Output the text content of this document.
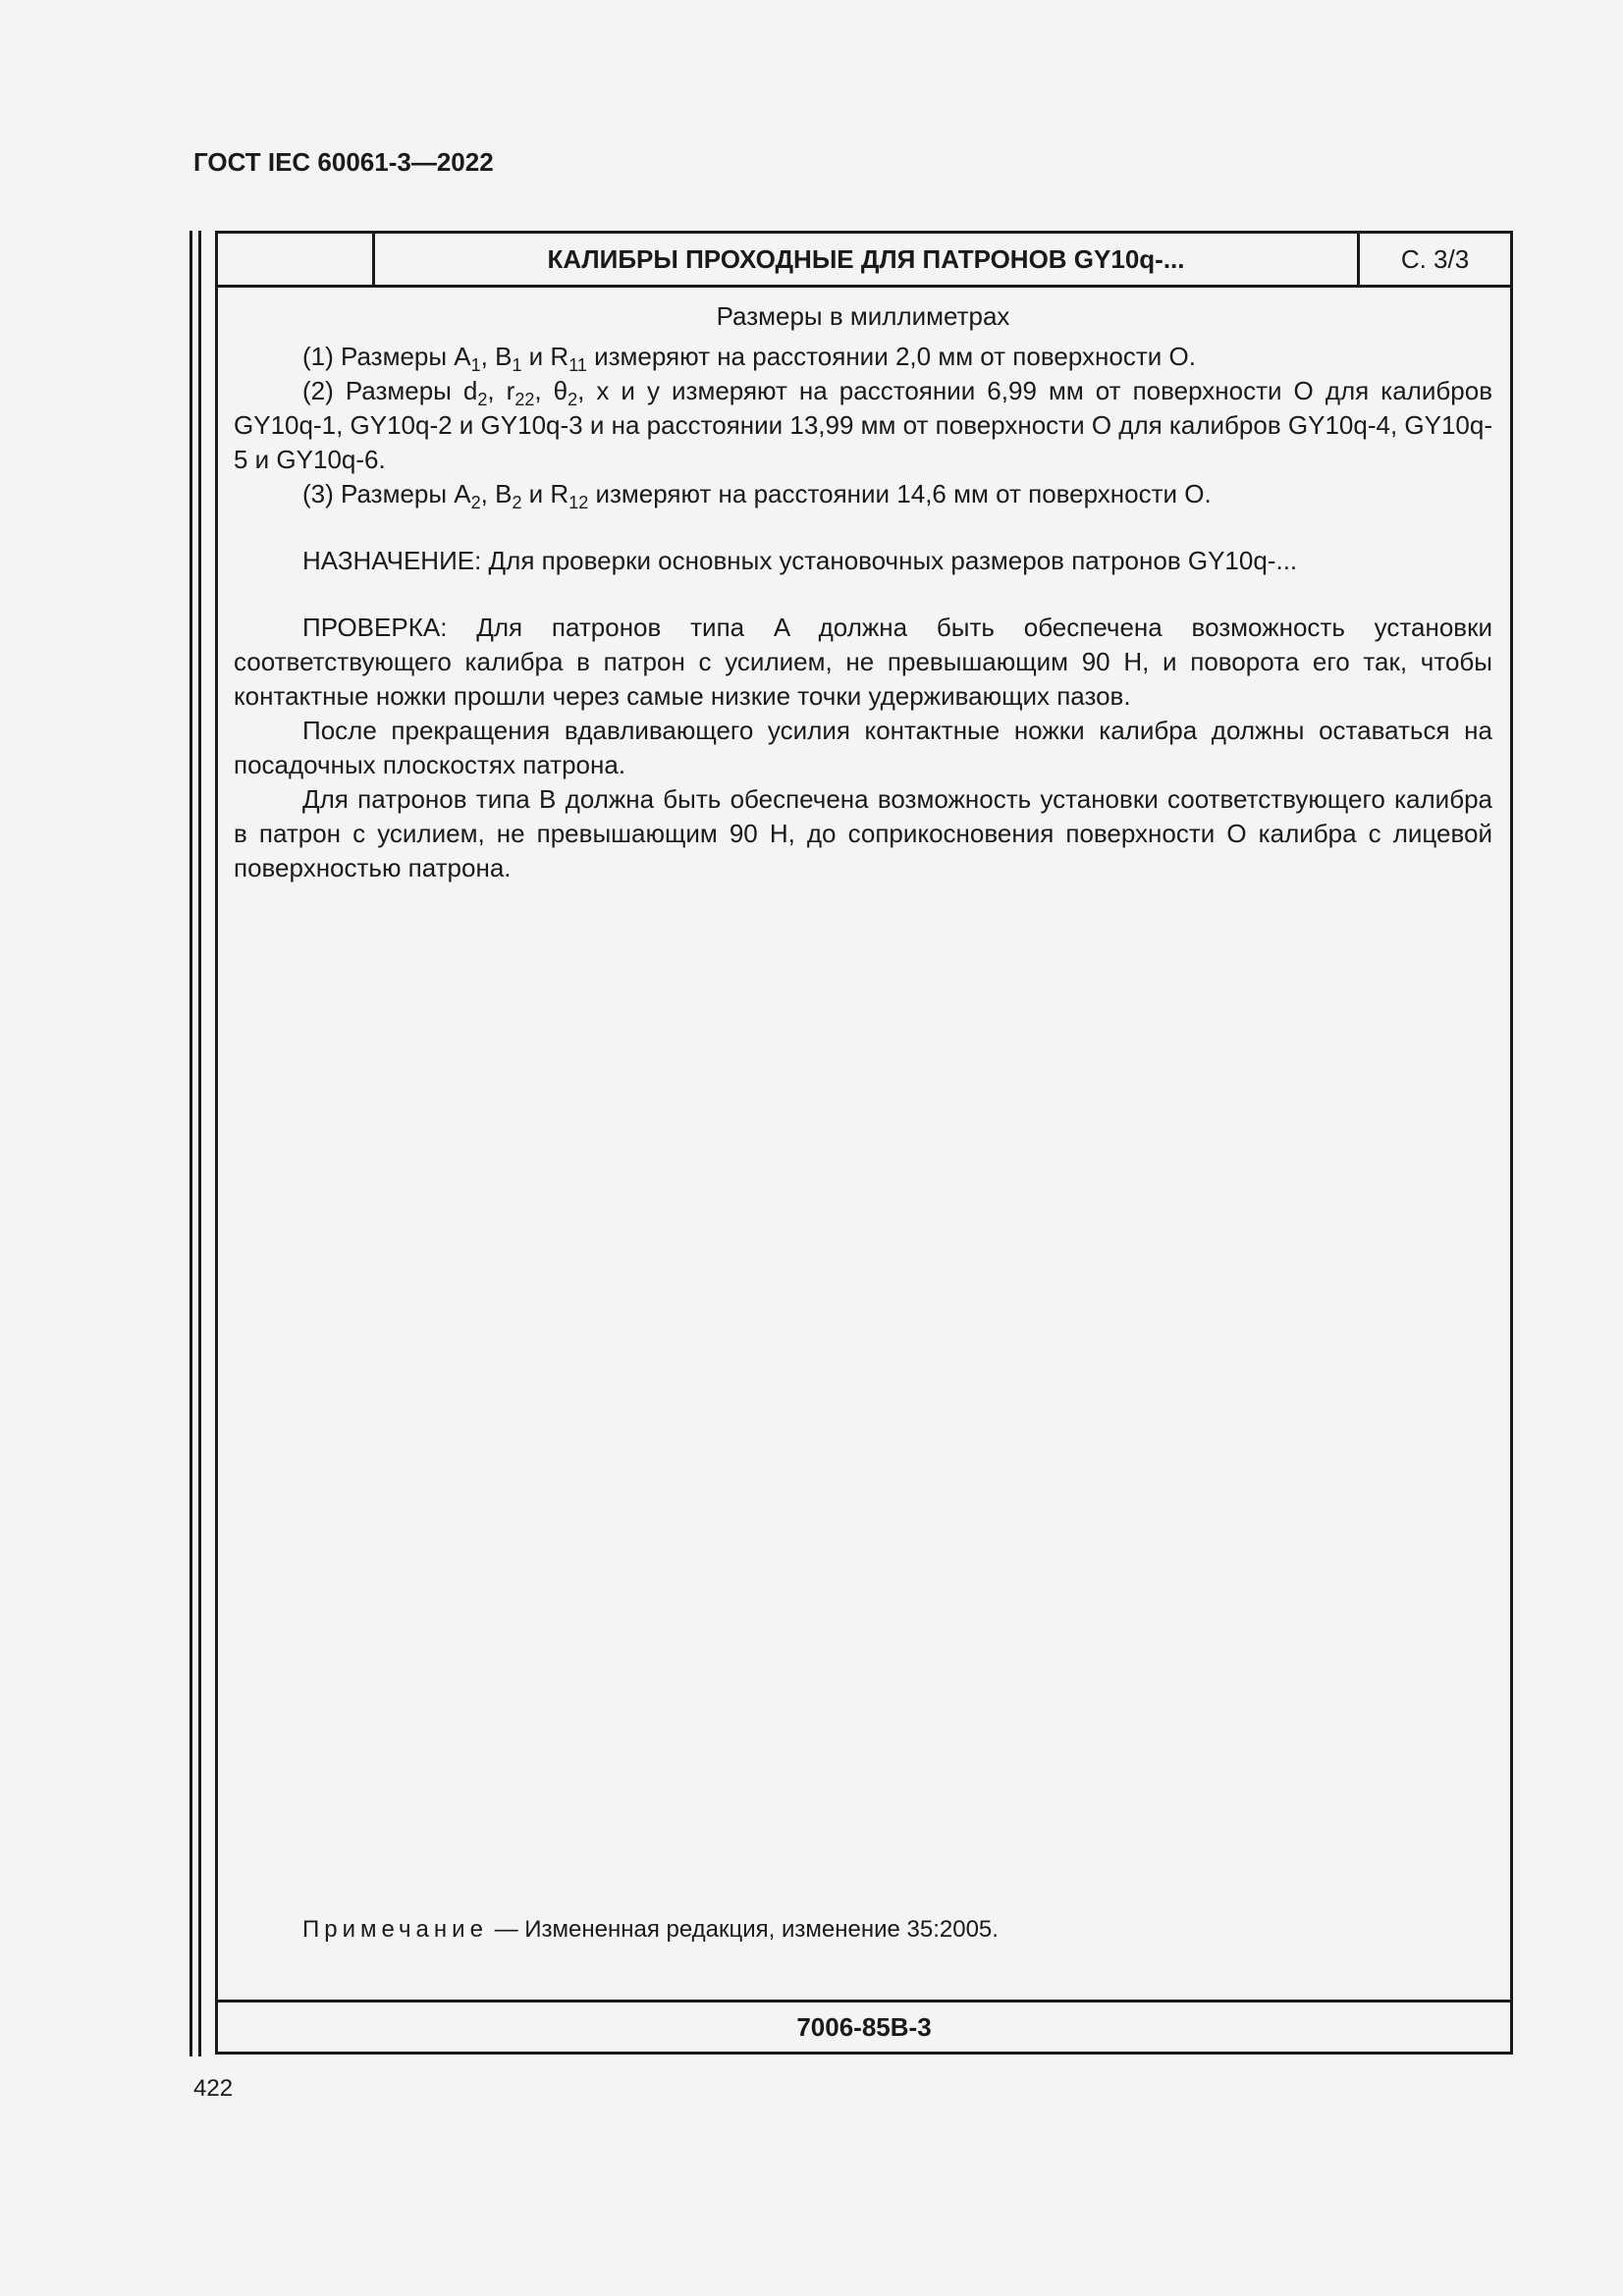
ГОСТ IEC 60061-3—2022
КАЛИБРЫ ПРОХОДНЫЕ ДЛЯ ПАТРОНОВ GY10q-...	С. 3/3
Размеры в миллиметрах

(1) Размеры $A_1$, $B_1$ и $R_{11}$ измеряют на расстоянии 2,0 мм от поверхности O.

(2) Размеры $d_2$, $r_{22}$, $\theta_2$, x и y измеряют на расстоянии 6,99 мм от поверхности O для калибров GY10q-1, GY10q-2 и GY10q-3 и на расстоянии 13,99 мм от поверхности O для калибров GY10q-4, GY10q-5 и GY10q-6.

(3) Размеры $A_2$, $B_2$ и $R_{12}$ измеряют на расстоянии 14,6 мм от поверхности O.

НАЗНАЧЕНИЕ: Для проверки основных установочных размеров патронов GY10q-...

ПРОВЕРКА: Для патронов типа A должна быть обеспечена возможность установки соответствующего калибра в патрон с усилием, не превышающим 90 Н, и поворота его так, чтобы контактные ножки прошли через самые низкие точки удерживающих пазов.

После прекращения вдавливающего усилия контактные ножки калибра должны оставаться на посадочных плоскостях патрона.

Для патронов типа B должна быть обеспечена возможность установки соответствующего калибра в патрон с усилием, не превышающим 90 Н, до соприкосновения поверхности O калибра с лицевой поверхностью патрона.

Примечание — Измененная редакция, изменение 35:2005.
7006-85B-3
422
